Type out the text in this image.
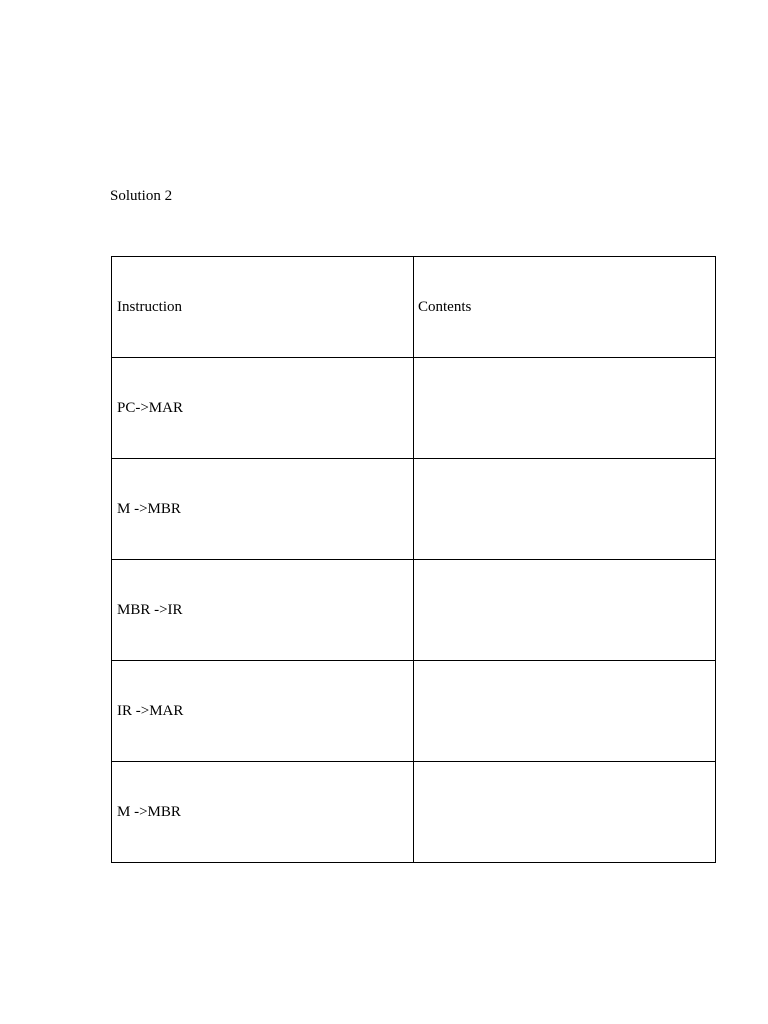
Solution 2

Instruction	Contents
PC->MAR	
M ->MBR	
MBR ->IR	
IR ->MAR	
M ->MBR	
